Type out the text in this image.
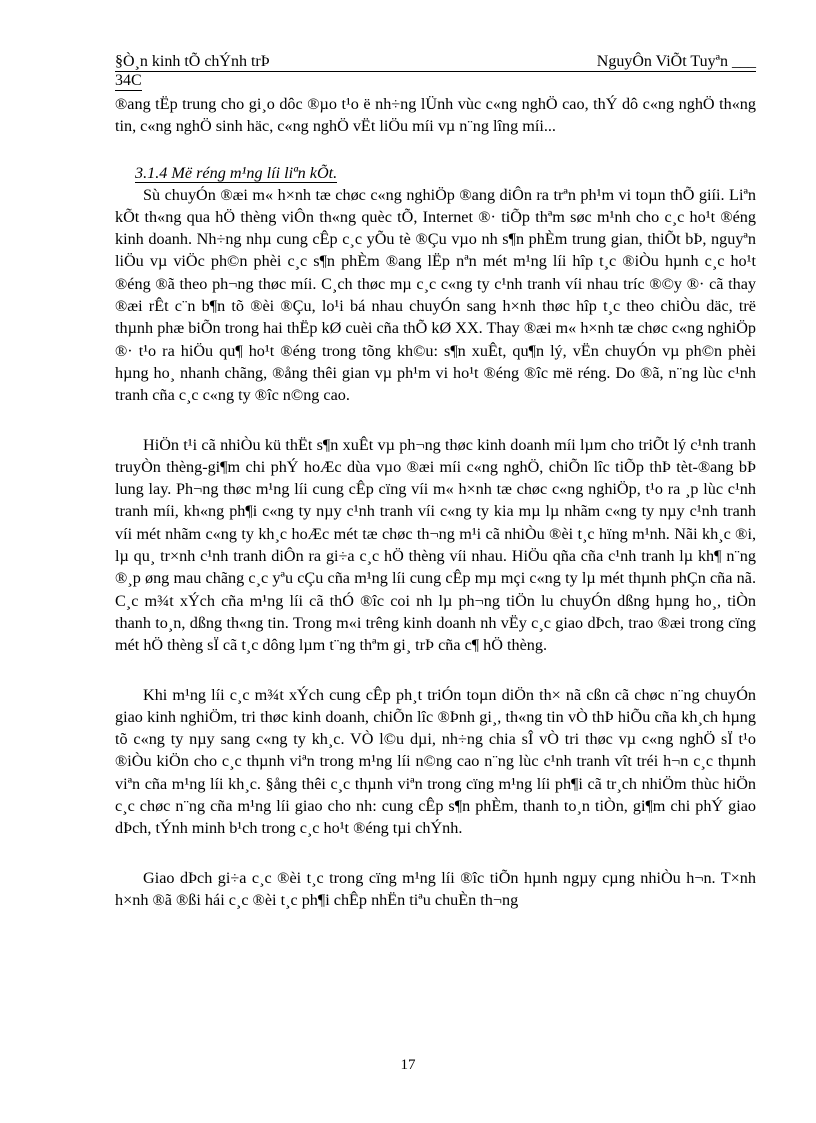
§Ò¸n kinh tÕ chÝnh trÞ	NguyÔn ViÕt Tuyªn ___
34C

®ang tËp trung cho gi¸o dôc ®µo t¹o ë nh÷ng lÜnh vùc c«ng nghÖ cao, thÝ dô c«ng nghÖ th«ng tin, c«ng nghÖ sinh häc, c«ng nghÖ vËt liÖu míi vµ n¨ng lîng míi...

3.1.4 Më réng m¹ng líi liªn kÕt.

Sù chuyÓn ®æi m« h×nh tæ chøc c«ng nghiÖp ®ang diÔn ra trªn ph¹m vi toµn thÕ giíi. Liªn kÕt th«ng qua hÖ thèng viÔn th«ng quèc tÕ, Internet ®· tiÕp thªm søc m¹nh cho c¸c ho¹t ®éng kinh doanh. Nh÷ng nhµ cung cÊp c¸c yÕu tè ®Çu vµo nh s¶n phÈm trung gian, thiÕt bÞ, nguyªn liÖu vµ viÖc ph©n phèi c¸c s¶n phÈm ®ang lËp nªn mét m¹ng líi hîp t¸c ®iÒu hµnh c¸c ho¹t ®éng ®ã theo ph¬ng thøc míi. C¸ch thøc mµ c¸c c«ng ty c¹nh tranh víi nhau tríc ®©y ®· cã thay ®æi rÊt c¨n b¶n tõ ®èi ®Çu, lo¹i bá nhau chuyÓn sang h×nh thøc hîp t¸c theo chiÒu däc, trë thµnh phæ biÕn trong hai thËp kØ cuèi cña thÕ kØ XX. Thay ®æi m« h×nh tæ chøc c«ng nghiÖp ®· t¹o ra hiÖu qu¶ ho¹t ®éng trong tõng kh©u: s¶n xuÊt, qu¶n lý, vËn chuyÓn vµ ph©n phèi hµng ho¸ nhanh chãng, ®ång thêi gian vµ ph¹m vi ho¹t ®éng ®îc më réng. Do ®ã, n¨ng lùc c¹nh tranh cña c¸c c«ng ty ®îc n©ng cao.

HiÖn t¹i cã nhiÒu kü thËt s¶n xuÊt vµ ph¬ng thøc kinh doanh míi lµm cho triÕt lý c¹nh tranh truyÒn thèng-gi¶m chi phÝ hoÆc dùa vµo ®æi míi c«ng nghÖ, chiÕn lîc tiÕp thÞ tèt-®ang bÞ lung lay. Ph¬ng thøc m¹ng líi cung cÊp cïng víi m« h×nh tæ chøc c«ng nghiÖp, t¹o ra ¸p lùc c¹nh tranh míi, kh«ng ph¶i c«ng ty nµy c¹nh tranh víi c«ng ty kia mµ lµ nhãm c«ng ty nµy c¹nh tranh víi mét nhãm c«ng ty kh¸c hoÆc mét tæ chøc th¬ng m¹i cã nhiÒu ®èi t¸c hïng m¹nh. Nãi kh¸c ®i, lµ qu¸ tr×nh c¹nh tranh diÔn ra gi÷a c¸c hÖ thèng víi nhau. HiÖu qña cña c¹nh tranh lµ kh¶ n¨ng ®¸p øng mau chãng c¸c yªu cÇu cña m¹ng líi cung cÊp mµ mçi c«ng ty lµ mét thµnh phÇn cña nã. C¸c m¾t xÝch cña m¹ng líi cã thÓ ®îc coi nh lµ ph¬ng tiÖn lu chuyÓn dßng hµng ho¸, tiÒn thanh to¸n, dßng th«ng tin. Trong m«i trêng kinh doanh nh vËy c¸c giao dÞch, trao ®æi trong cïng mét hÖ thèng sÏ cã t¸c dông lµm t¨ng thªm gi¸ trÞ cña c¶ hÖ thèng.

Khi m¹ng líi c¸c m¾t xÝch cung cÊp ph¸t triÓn toµn diÖn th× nã cßn cã chøc n¨ng chuyÓn giao kinh nghiÖm, tri thøc kinh doanh, chiÕn lîc ®Þnh gi¸, th«ng tin vÒ thÞ hiÕu cña kh¸ch hµng tõ c«ng ty nµy sang c«ng ty kh¸c. VÒ l©u dµi, nh÷ng chia sÎ vÒ tri thøc vµ c«ng nghÖ sÏ t¹o ®iÒu kiÖn cho c¸c thµnh viªn trong m¹ng líi n©ng cao n¨ng lùc c¹nh tranh vît tréi h¬n c¸c thµnh viªn cña m¹ng líi kh¸c. §ång thêi c¸c thµnh viªn trong cïng m¹ng líi ph¶i cã tr¸ch nhiÖm thùc hiÖn c¸c chøc n¨ng cña m¹ng líi giao cho nh: cung cÊp s¶n phÈm, thanh to¸n tiÒn, gi¶m chi phÝ giao dÞch, tÝnh minh b¹ch trong c¸c ho¹t ®éng tµi chÝnh.

Giao dÞch gi÷a c¸c ®èi t¸c trong cïng m¹ng líi ®îc tiÕn hµnh ngµy cµng nhiÒu h¬n. T×nh h×nh ®ã ®ßi hái c¸c ®èi t¸c ph¶i chÊp nhËn tiªu chuÈn th¬ng

17
